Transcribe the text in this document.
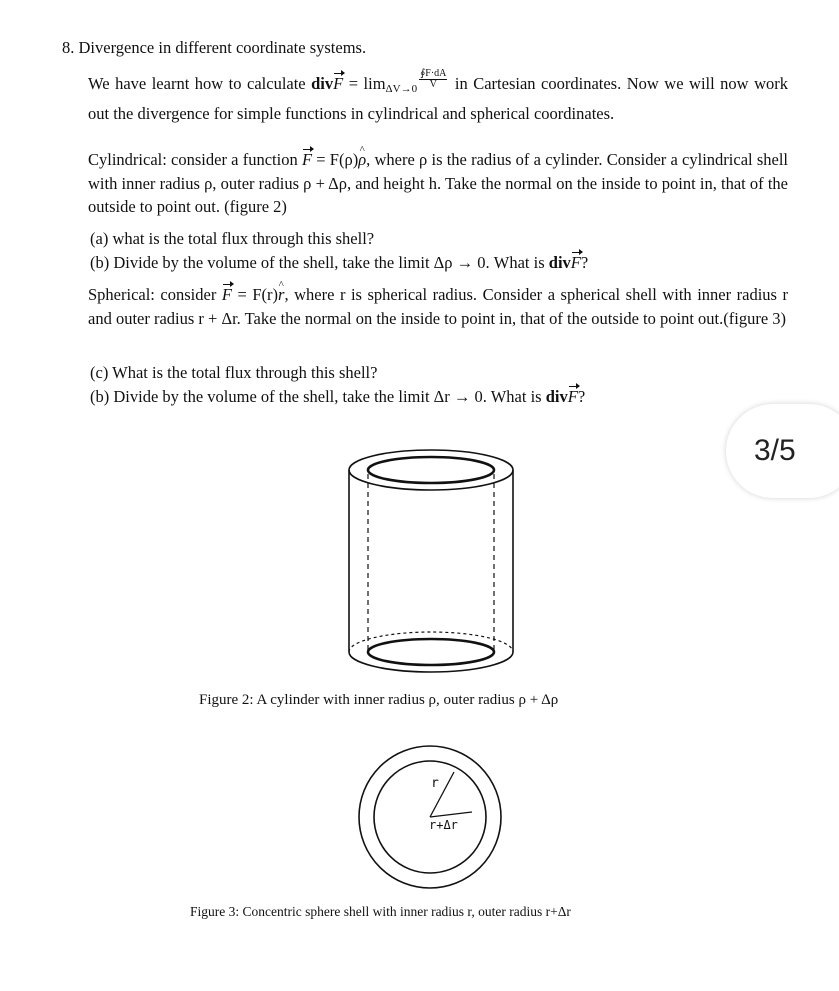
8. Divergence in different coordinate systems.
We have learnt how to calculate divF = $\lim_{\Delta V\to 0} \frac{∮F\cdot dA}{V}$ in Cartesian coordinates. Now we will now work out the divergence for simple functions in cylindrical and spherical coordinates.
Cylindrical: consider a function F = F(ρ)ρ ^, where ρ is the radius of a cylinder. Consider a cylindrical shell with inner radius ρ, outer radius ρ + Δρ, and height h. Take the normal on the inside to point in, that of the outside to point out. (figure 2)
(a) what is the total flux through this shell?
(b) Divide by the volume of the shell, take the limit Δρ → 0. What is divF?
Spherical: consider F = F(r)r ^, where r is spherical radius. Consider a spherical shell with inner radius r and outer radius r + Δr. Take the normal on the inside to point in, that of the outside to point out.(figure 3)
(c) What is the total flux through this shell?
(b) Divide by the volume of the shell, take the limit Δr → 0. What is divF?
Figure 2: A cylinder with inner radius ρ, outer radius ρ + Δρ
r
r+Δr
Figure 3: Concentric sphere shell with inner radius r, outer radius r+Δr
3/5
